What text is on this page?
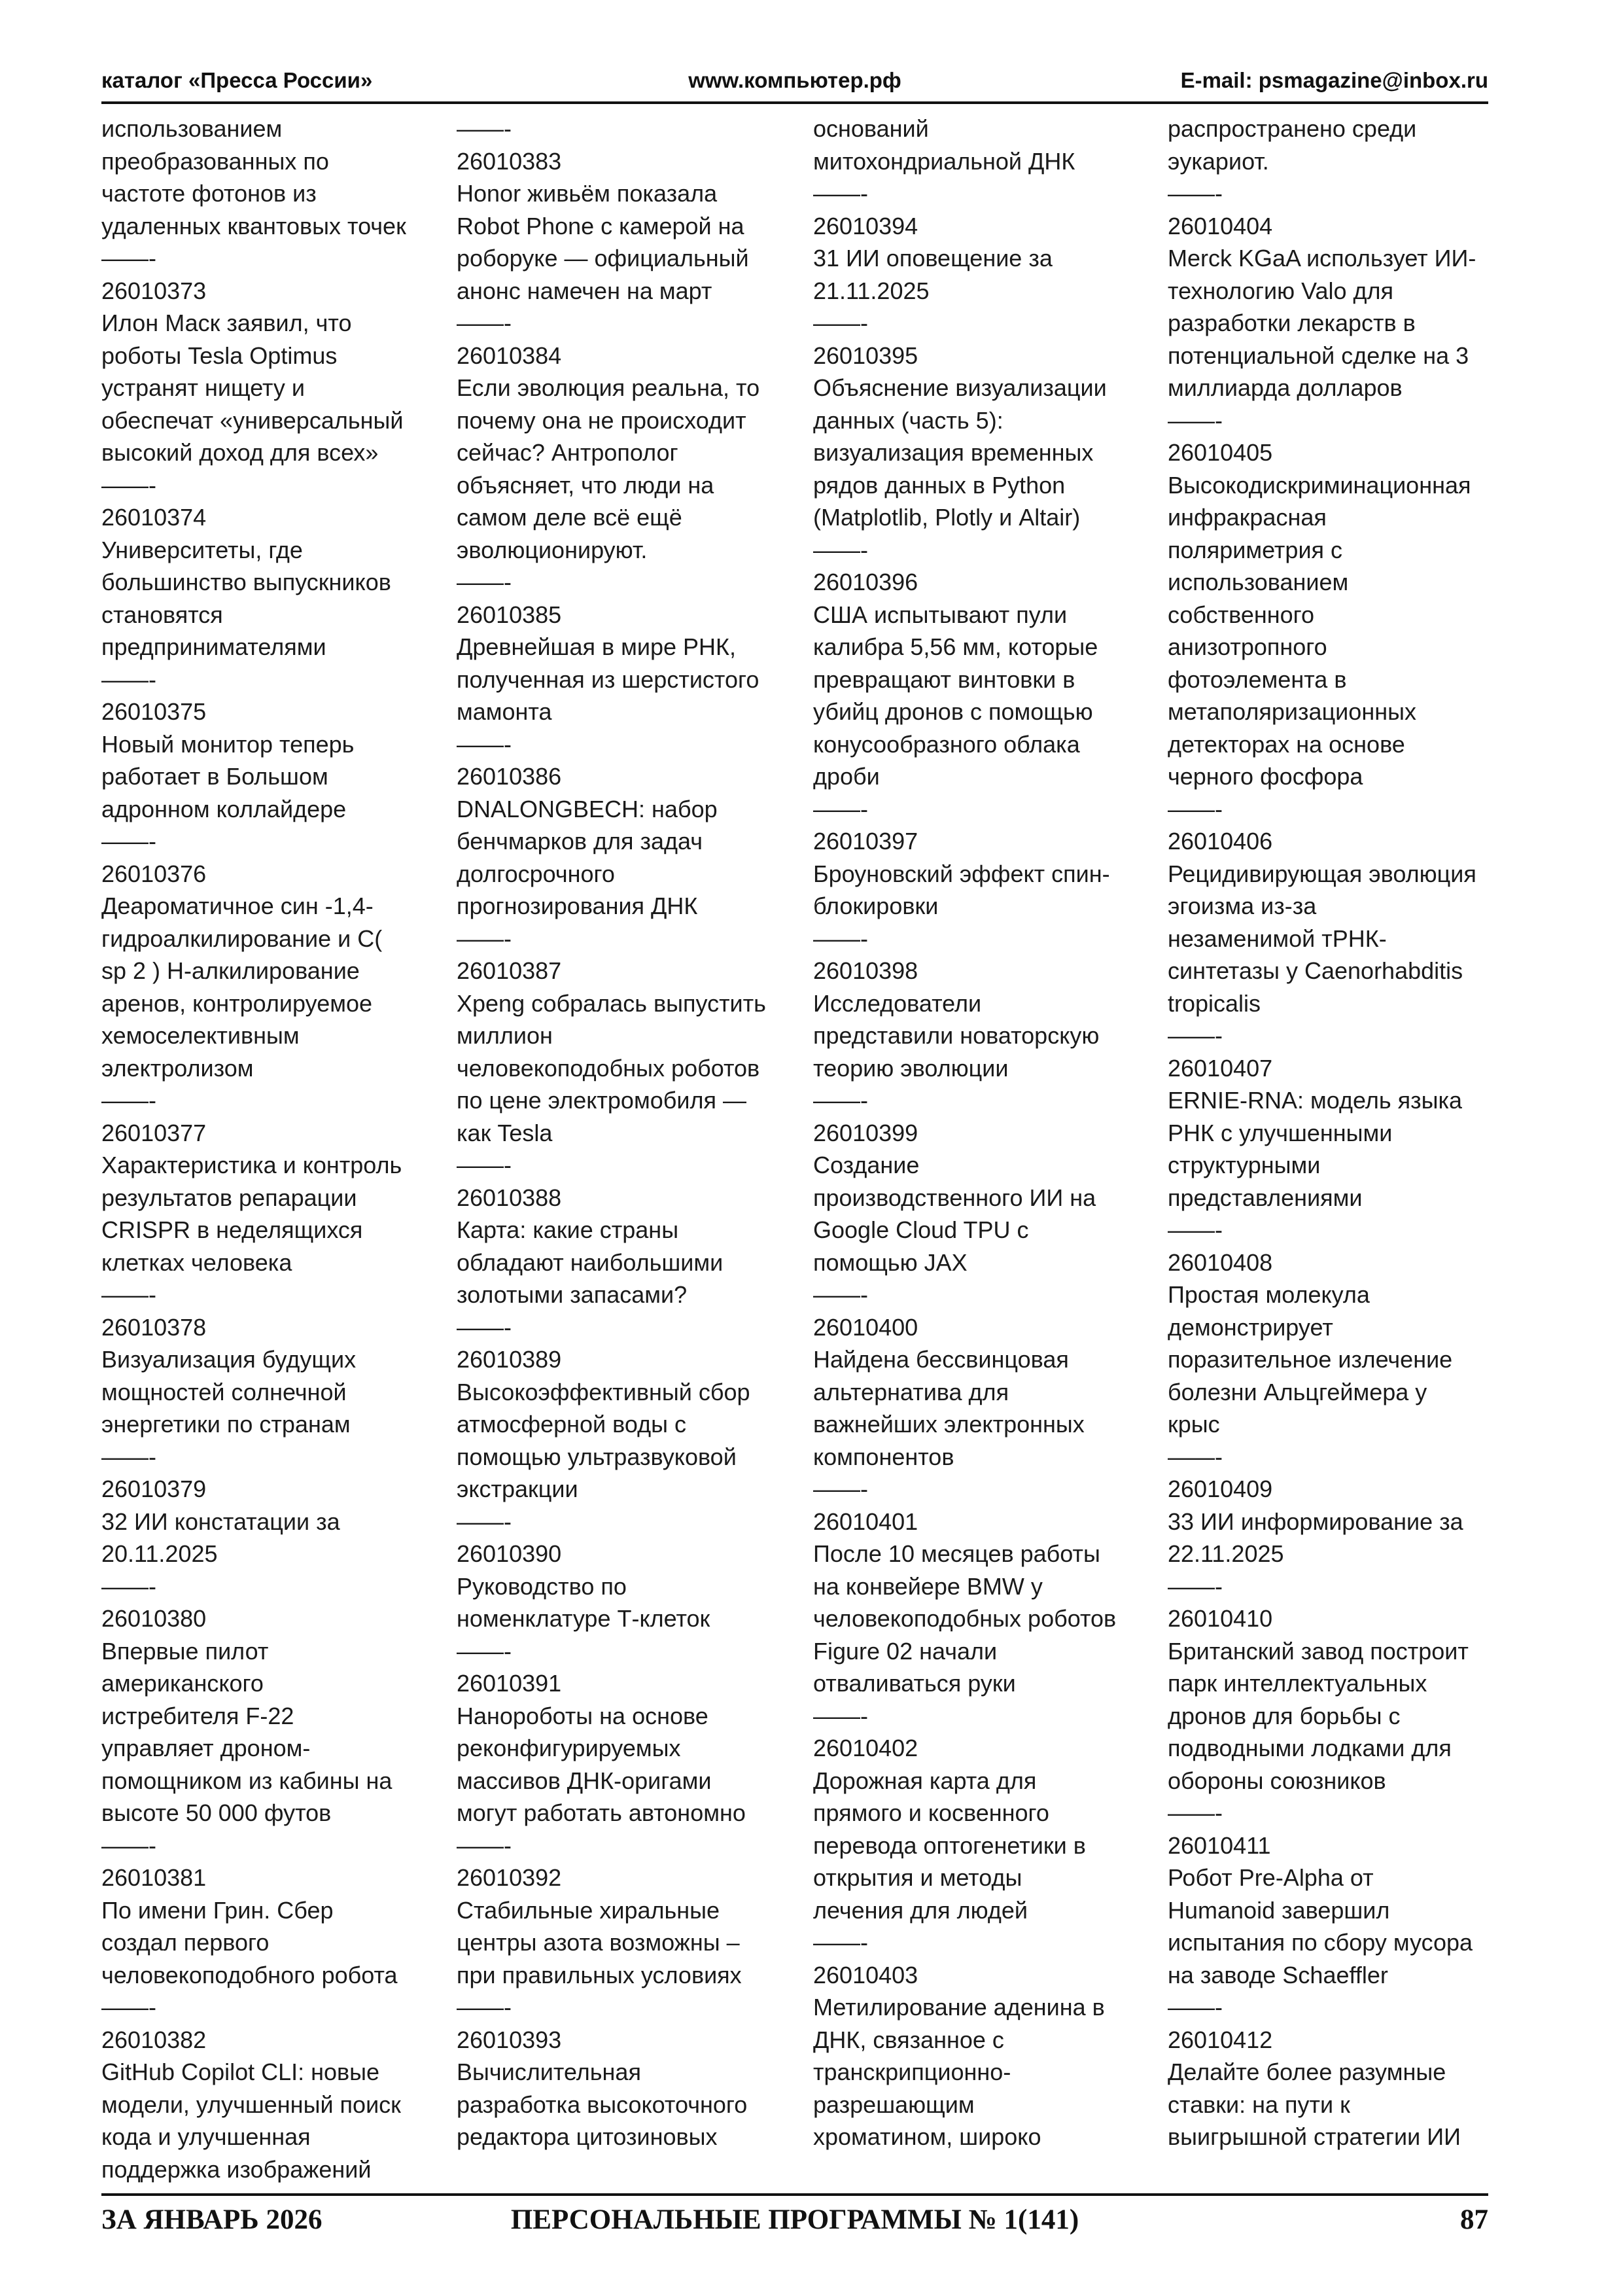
каталог «Пресса России»	www.компьютер.рф	E-mail: psmagazine@inbox.ru
использованием
преобразованных по
частоте фотонов из
удаленных квантовых точек
——-
26010373
Илон Маск заявил, что
роботы Tesla Optimus
устранят нищету и
обеспечат «универсальный
высокий доход для всех»
——-
26010374
Университеты, где
большинство выпускников
становятся
предпринимателями
——-
26010375
Новый монитор теперь
работает в Большом
адронном коллайдере
——-
26010376
Деароматичное син -1,4-
гидроалкилирование и С(
sp 2 ) Н-алкилирование
аренов, контролируемое
хемоселективным
электролизом
——-
26010377
Характеристика и контроль
результатов репарации
CRISPR в неделящихся
клетках человека
——-
26010378
Визуализация будущих
мощностей солнечной
энергетики по странам
——-
26010379
32 ИИ констатации за
20.11.2025
——-
26010380
Впервые пилот
американского
истребителя F-22
управляет дроном-
помощником из кабины на
высоте 50 000 футов
——-
26010381
По имени Грин. Сбер
создал первого
человекоподобного робота
——-
26010382
GitHub Copilot CLI: новые
модели, улучшенный поиск
кода и улучшенная
поддержка изображений
——-
26010383
Honor живьём показала
Robot Phone с камерой на
роборуке — официальный
анонс намечен на март
——-
26010384
Если эволюция реальна, то
почему она не происходит
сейчас? Антрополог
объясняет, что люди на
самом деле всё ещё
эволюционируют.
——-
26010385
Древнейшая в мире РНК,
полученная из шерстистого
мамонта
——-
26010386
DNALONGBECH: набор
бенчмарков для задач
долгосрочного
прогнозирования ДНК
——-
26010387
Xpeng собралась выпустить
миллион
человекоподобных роботов
по цене электромобиля —
как Tesla
——-
26010388
Карта: какие страны
обладают наибольшими
золотыми запасами?
——-
26010389
Высокоэффективный сбор
атмосферной воды с
помощью ультразвуковой
экстракции
——-
26010390
Руководство по
номенклатуре Т-клеток
——-
26010391
Нанороботы на основе
реконфигурируемых
массивов ДНК-оригами
могут работать автономно
——-
26010392
Стабильные хиральные
центры азота возможны –
при правильных условиях
——-
26010393
Вычислительная
разработка высокоточного
редактора цитозиновых
оснований
митохондриальной ДНК
——-
26010394
31 ИИ оповещение за
21.11.2025
——-
26010395
Объяснение визуализации
данных (часть 5):
визуализация временных
рядов данных в Python
(Matplotlib, Plotly и Altair)
——-
26010396
США испытывают пули
калибра 5,56 мм, которые
превращают винтовки в
убийц дронов с помощью
конусообразного облака
дроби
——-
26010397
Броуновский эффект спин-
блокировки
——-
26010398
Исследователи
представили новаторскую
теорию эволюции
——-
26010399
Создание
производственного ИИ на
Google Cloud TPU с
помощью JAX
——-
26010400
Найдена бессвинцовая
альтернатива для
важнейших электронных
компонентов
——-
26010401
После 10 месяцев работы
на конвейере BMW у
человекоподобных роботов
Figure 02 начали
отваливаться руки
——-
26010402
Дорожная карта для
прямого и косвенного
перевода оптогенетики в
открытия и методы
лечения для людей
——-
26010403
Метилирование аденина в
ДНК, связанное с
транскрипционно-
разрешающим
хроматином, широко
распространено среди
эукариот.
——-
26010404
Merck KGaA использует ИИ-
технологию Valo для
разработки лекарств в
потенциальной сделке на 3
миллиарда долларов
——-
26010405
Высокодискриминационная
инфракрасная
поляриметрия с
использованием
собственного
анизотропного
фотоэлемента в
метаполяризационных
детекторах на основе
черного фосфора
——-
26010406
Рецидивирующая эволюция
эгоизма из-за
незаменимой тРНК-
синтетазы у Caenorhabditis
tropicalis
——-
26010407
ERNIE-RNA: модель языка
РНК с улучшенными
структурными
представлениями
——-
26010408
Простая молекула
демонстрирует
поразительное излечение
болезни Альцгеймера у
крыс
——-
26010409
33 ИИ информирование за
22.11.2025
——-
26010410
Британский завод построит
парк интеллектуальных
дронов для борьбы с
подводными лодками для
обороны союзников
——-
26010411
Робот Pre-Alpha от
Humanoid завершил
испытания по сбору мусора
на заводе Schaeffler
——-
26010412
Делайте более разумные
ставки: на пути к
выигрышной стратегии ИИ
ЗА ЯНВАРЬ 2026	ПЕРСОНАЛЬНЫЕ ПРОГРАММЫ № 1(141)	87
